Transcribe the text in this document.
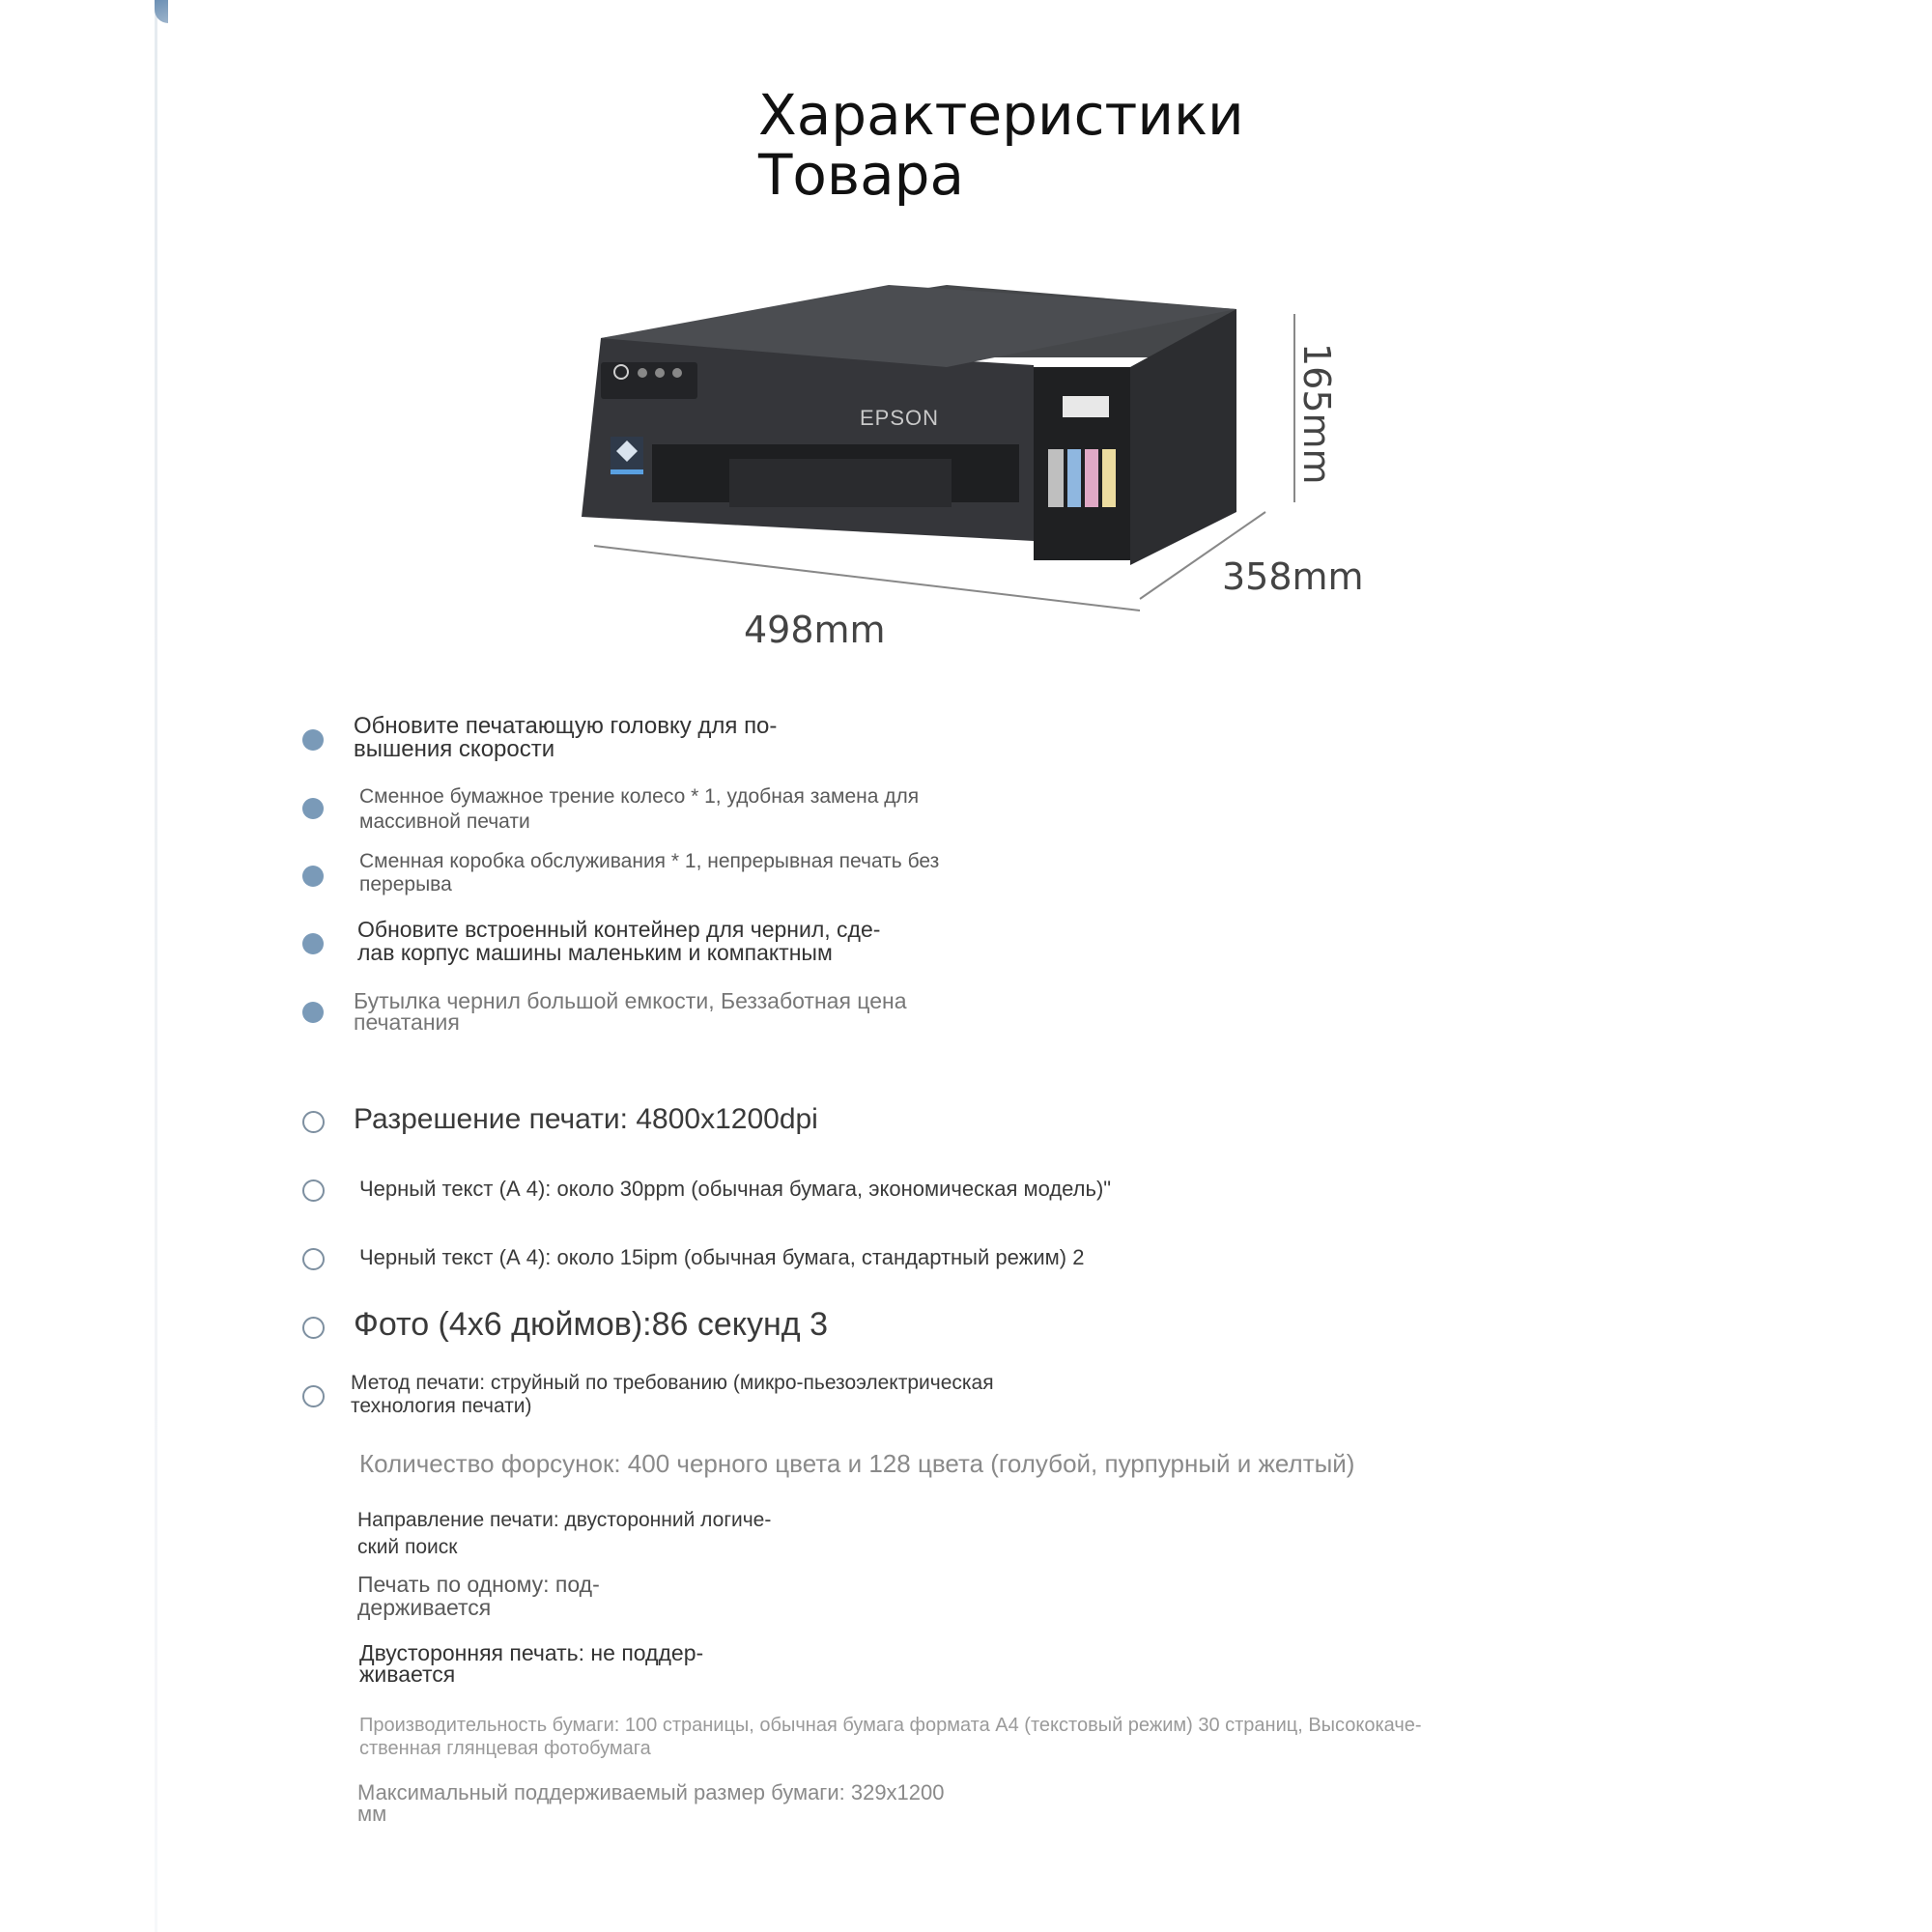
Характеристики
Товара
EPSON	165mm
358mm
498mm
Обновите печатающую головку для по-
вышения скорости
Сменное бумажное трение колесо * 1, удобная замена для
массивной печати
Сменная коробка обслуживания * 1, непрерывная печать без
перерыва
Обновите встроенный контейнер для чернил, сде-
лав корпус машины маленьким и компактным
Бутылка чернил большой емкости, Беззаботная цена
печатания
Разрешение печати: 4800x1200dpi
Черный текст (А 4): около 30ppm (обычная бумага, экономическая модель)"
Черный текст (А 4): около 15ipm (обычная бумага, стандартный режим) 2
Фото (4x6 дюймов):86 секунд 3
Метод печати: струйный по требованию (микро-пьезоэлектрическая
технология печати)
Количество форсунок: 400 черного цвета и 128 цвета (голубой, пурпурный и желтый)
Направление печати: двусторонний логиче-
ский поиск
Печать по одному: под-
держивается
Двусторонняя печать: не поддер-
живается
Производительность бумаги: 100 страницы, обычная бумага формата А4 (текстовый режим) 30 страниц, Высококаче-
ственная глянцевая фотобумага
Максимальный поддерживаемый размер бумаги: 329x1200
мм
